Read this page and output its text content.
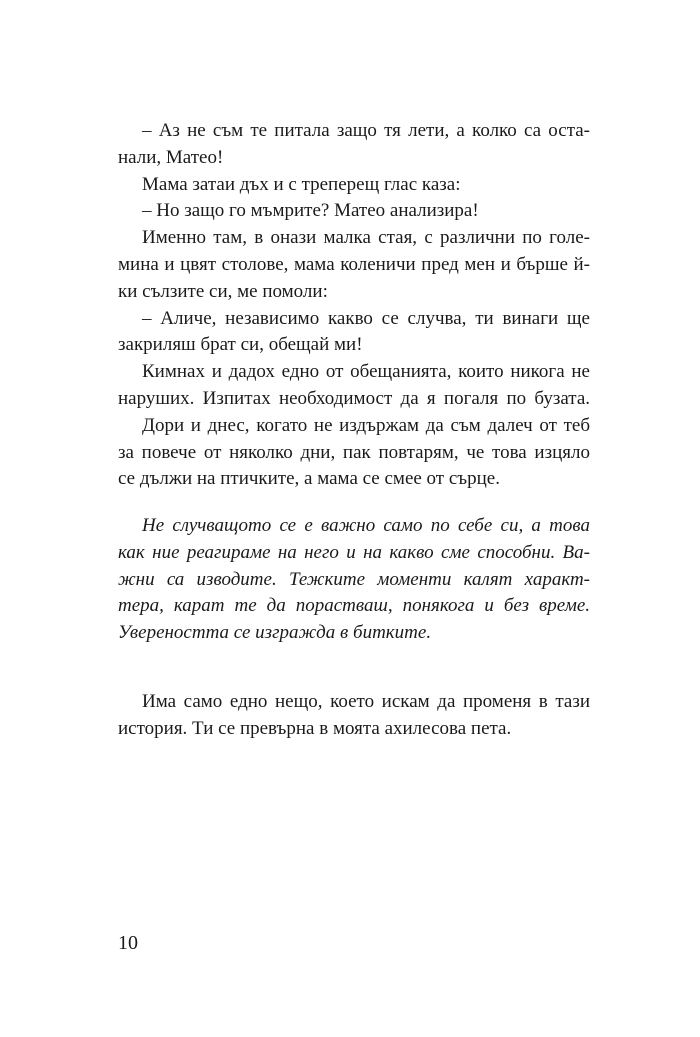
– Аз не съм те питала защо тя лети, а колко са оста-
нали, Матео!
Мама затаи дъх и с треперещ глас каза:
– Но защо го мъмрите? Матео анализира!
Именно там, в онази малка стая, с различни по голе-
мина и цвят столове, мама коленичи пред мен и бърше й-
ки сълзите си, ме помоли:
– Аличе, независимо какво се случва, ти винаги ще
закриляш брат си, обещай ми!
Кимнах и дадох едно от обещанията, които никога не
наруших. Изпитах необходимост да я погаля по бузата.
Дори и днес, когато не издържам да съм далеч от теб
за повече от няколко дни, пак повтарям, че това изцяло
се дължи на птичките, а мама се смее от сърце.
Не случващото се е важно само по себе си, а това
как ние реагираме на него и на какво сме способни. Ва-
жни са изводите. Тежките моменти калят характ-
тера, карат те да порастваш, понякога и без време.
Увереността се изгражда в битките.
Има само едно нещо, което искам да променя в тази
история. Ти се превърна в моята ахилесова пета.
10
